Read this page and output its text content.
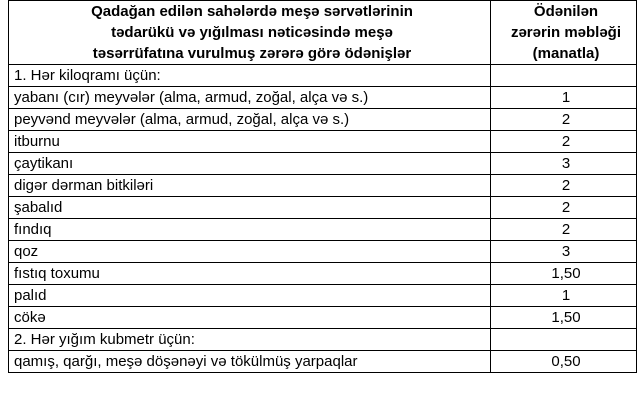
Qadağan edilən sahələrdə meşə sərvətlərinin
tədarükü və yığılması nəticəsində meşə
təsərrüfatına vurulmuş zərərə görə ödənişlər	Ödənilən
zərərin məbləği
(manatla)

1. Hər kiloqramı üçün:	
yabanı (cır) meyvələr (alma, armud, zoğal, alça və s.)	1
peyvənd meyvələr (alma, armud, zoğal, alça və s.)	2
itburnu	2
çaytikanı	3
digər dərman bitkiləri	2
şabalıd	2
fındıq	2
qoz	3
fıstıq toxumu	1,50
palıd	1
cökə	1,50
2. Hər yığım kubmetr üçün:	
qamış, qarğı, meşə döşənəyi və tökülmüş yarpaqlar	0,50
